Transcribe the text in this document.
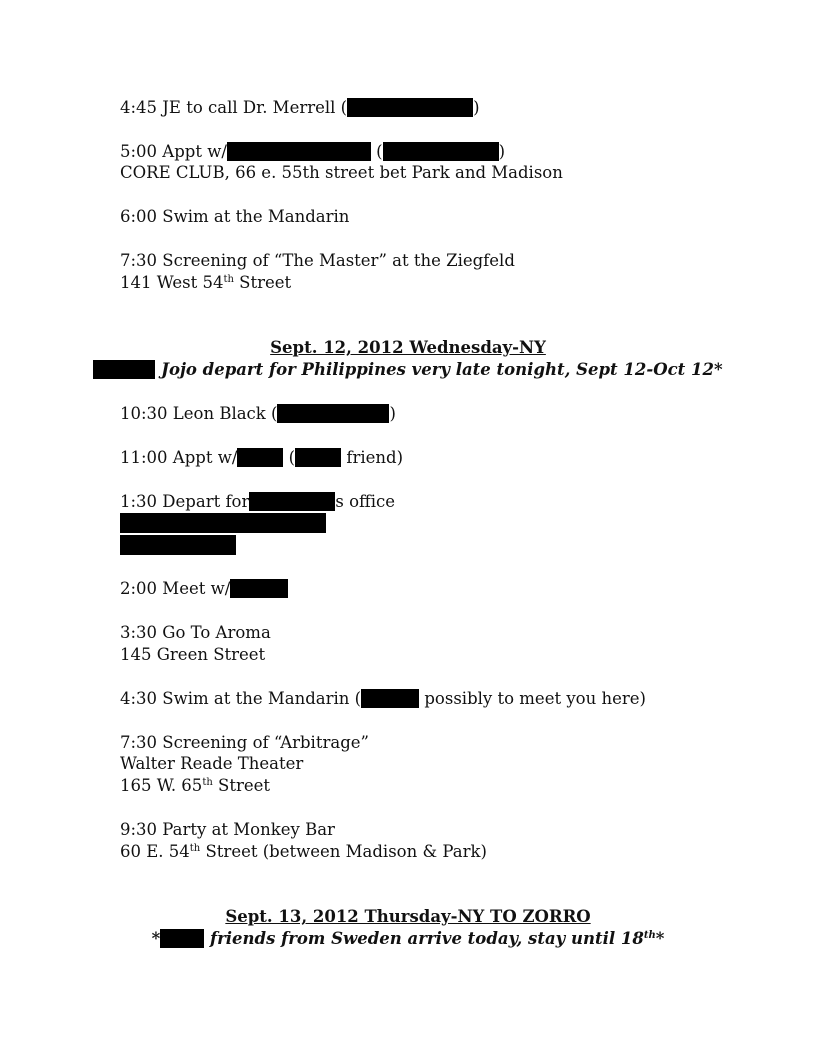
4:45 JE to call Dr. Merrell (	)
5:00 Appt w/	(	)
CORE CLUB, 66 e. 55th street bet Park and Madison
6:00 Swim at the Mandarin
7:30 Screening of “The Master” at the Ziegfeld
141 West 54th Street
Sept. 12, 2012 Wednesday-NY
Jojo depart for Philippines very late tonight, Sept 12-Oct 12*
10:30 Leon Black (	)
11:00 Appt w/	(	friend)
1:30 Depart for	s office
2:00 Meet w/
3:30 Go To Aroma
145 Green Street
4:30 Swim at the Mandarin (	possibly to meet you here)
7:30 Screening of “Arbitrage”
Walter Reade Theater
165 W. 65th Street
9:30 Party at Monkey Bar
60 E. 54th Street (between Madison & Park)
Sept. 13, 2012 Thursday-NY TO ZORRO
*	friends from Sweden arrive today, stay until 18th*
